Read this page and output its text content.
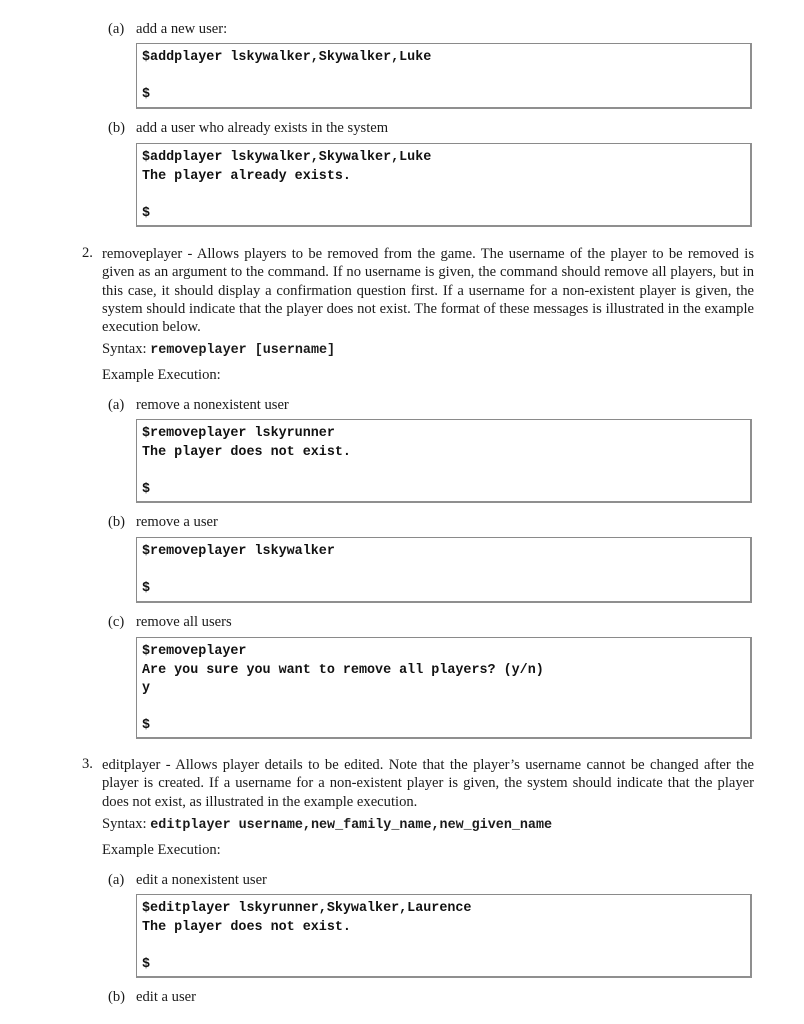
(a) add a new user:
$addplayer lskywalker,Skywalker,Luke
$
(b) add a user who already exists in the system
$addplayer lskywalker,Skywalker,Luke
The player already exists.
$
2. removeplayer - Allows players to be removed from the game. The username of the player to be removed is given as an argument to the command. If no username is given, the command should remove all players, but in this case, it should display a confirmation question first. If a username for a non-existent player is given, the system should indicate that the player does not exist. The format of these messages is illustrated in the example execution below.
Syntax: removeplayer [username]
Example Execution:
(a) remove a nonexistent user
$removeplayer lskyrunner
The player does not exist.
$
(b) remove a user
$removeplayer lskywalker
$
(c) remove all users
$removeplayer
Are you sure you want to remove all players? (y/n)
y
$
3. editplayer - Allows player details to be edited. Note that the player’s username cannot be changed after the player is created. If a username for a non-existent player is given, the system should indicate that the player does not exist, as illustrated in the example execution.
Syntax: editplayer username,new_family_name,new_given_name
Example Execution:
(a) edit a nonexistent user
$editplayer lskyrunner,Skywalker,Laurence
The player does not exist.
$
(b) edit a user
